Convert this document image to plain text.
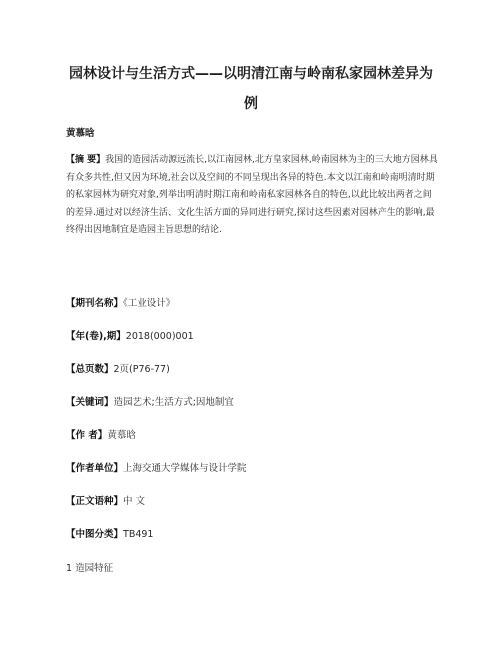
园林设计与生活方式——以明清江南与岭南私家园林差异为例
黄慕晗
【摘 要】我国的造园活动源远流长,以江南园林,北方皇家园林,岭南园林为主的三大地方园林具有众多共性,但又因为环境,社会以及空间的不同呈现出各异的特色.本文以江南和岭南明清时期的私家园林为研究对象,列举出明清时期江南和岭南私家园林各自的特色,以此比较出两者之间的差异.通过对以经济生活、文化生活方面的异同进行研究,探讨这些因素对园林产生的影响,最终得出因地制宜是造园主旨思想的结论.
【期刊名称】《工业设计》
【年(卷),期】2018(000)001
【总页数】2页(P76-77)
【关键词】造园艺术;生活方式;因地制宜
【作 者】黄慕晗
【作者单位】上海交通大学媒体与设计学院
【正文语种】中 文
【中图分类】TB491
1 造园特征
